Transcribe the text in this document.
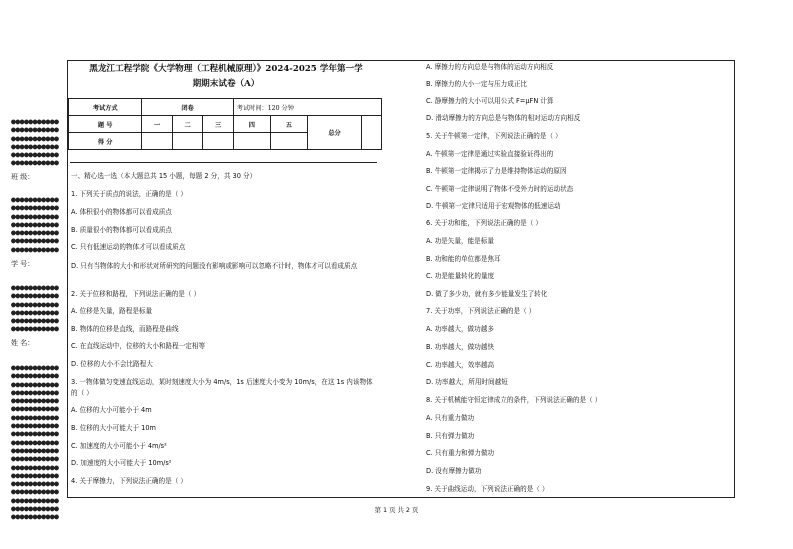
●●●●●●●●●●●
●●●●●●●●●●●
●●●●●●●●●●●
●●●●●●●●●●●
●●●●●●●●●●●
●●●●●●●●●●●
班 级：
●●●●●●●●●●●
●●●●●●●●●●●
●●●●●●●●●●●
●●●●●●●●●●●
●●●●●●●●●●●
●●●●●●●●●●●
●●●●●●●●●●●
学 号：
●●●●●●●●●●●
●●●●●●●●●●●
●●●●●●●●●●●
●●●●●●●●●●●
●●●●●●●●●●●
●●●●●●●●●●●
姓 名：
●●●●●●●●●●●
●●●●●●●●●●●
●●●●●●●●●●●
●●●●●●●●●●●
●●●●●●●●●●●
●●●●●●●●●●●
●●●●●●●●●●●
●●●●●●●●●●●
●●●●●●●●●●●
●●●●●●●●●●●
●●●●●●●●●●●
●●●●●●●●●●●
●●●●●●●●●●●
●●●●●●●●●●●
●●●●●●●●●●●
●●●●●●●●●●●
●●●●●●●●●●●
●●●●●●●●●●●
●●●●●●●●●●●
黑龙江工程学院《大学物理（工程机械原理）》2024-2025 学年第一学
期期末试卷（A）
考试方式	闭卷			考试时间：120 分钟			
题 号	一	二	三	四	五	总分	
得 分							
一、精心选一选（本大题总共 15 小题，每题 2 分，共 30 分）
1. 下列关于质点的说法，正确的是（ ）
A. 体积很小的物体都可以看成质点
B. 质量很小的物体都可以看成质点
C. 只有低速运动的物体才可以看成质点
D. 只有当物体的大小和形状对所研究的问题没有影响或影响可以忽略不计时，物体才可以看成质点
2. 关于位移和路程，下列说法正确的是（ ）
A. 位移是矢量，路程是标量
B. 物体的位移是直线，而路程是曲线
C. 在直线运动中，位移的大小和路程一定相等
D. 位移的大小不会比路程大
3. 一物体做匀变速直线运动，某时刻速度大小为 4m/s，1s 后速度大小变为 10m/s，在这 1s 内该物体的（ ）
A. 位移的大小可能小于 4m
B. 位移的大小可能大于 10m
C. 加速度的大小可能小于 4m/s²
D. 加速度的大小可能大于 10m/s²
4. 关于摩擦力，下列说法正确的是（ ）
A. 摩擦力的方向总是与物体的运动方向相反
B. 摩擦力的大小一定与压力成正比
C. 静摩擦力的大小可以用公式 F=μFN 计算
D. 滑动摩擦力的方向总是与物体的相对运动方向相反
5. 关于牛顿第一定律，下列说法正确的是（ ）
A. 牛顿第一定律是通过实验直接验证得出的
B. 牛顿第一定律揭示了力是维持物体运动的原因
C. 牛顿第一定律说明了物体不受外力时的运动状态
D. 牛顿第一定律只适用于宏观物体的低速运动
6. 关于功和能，下列说法正确的是（ ）
A. 功是矢量，能是标量
B. 功和能的单位都是焦耳
C. 功是能量转化的量度
D. 做了多少功，就有多少能量发生了转化
7. 关于功率，下列说法正确的是（ ）
A. 功率越大，做功越多
B. 功率越大，做功越快
C. 功率越大，效率越高
D. 功率越大，所用时间越短
8. 关于机械能守恒定律成立的条件，下列说法正确的是（ ）
A. 只有重力做功
B. 只有弹力做功
C. 只有重力和弹力做功
D. 没有摩擦力做功
9. 关于曲线运动，下列说法正确的是（ ）
第 1 页 共 2 页
